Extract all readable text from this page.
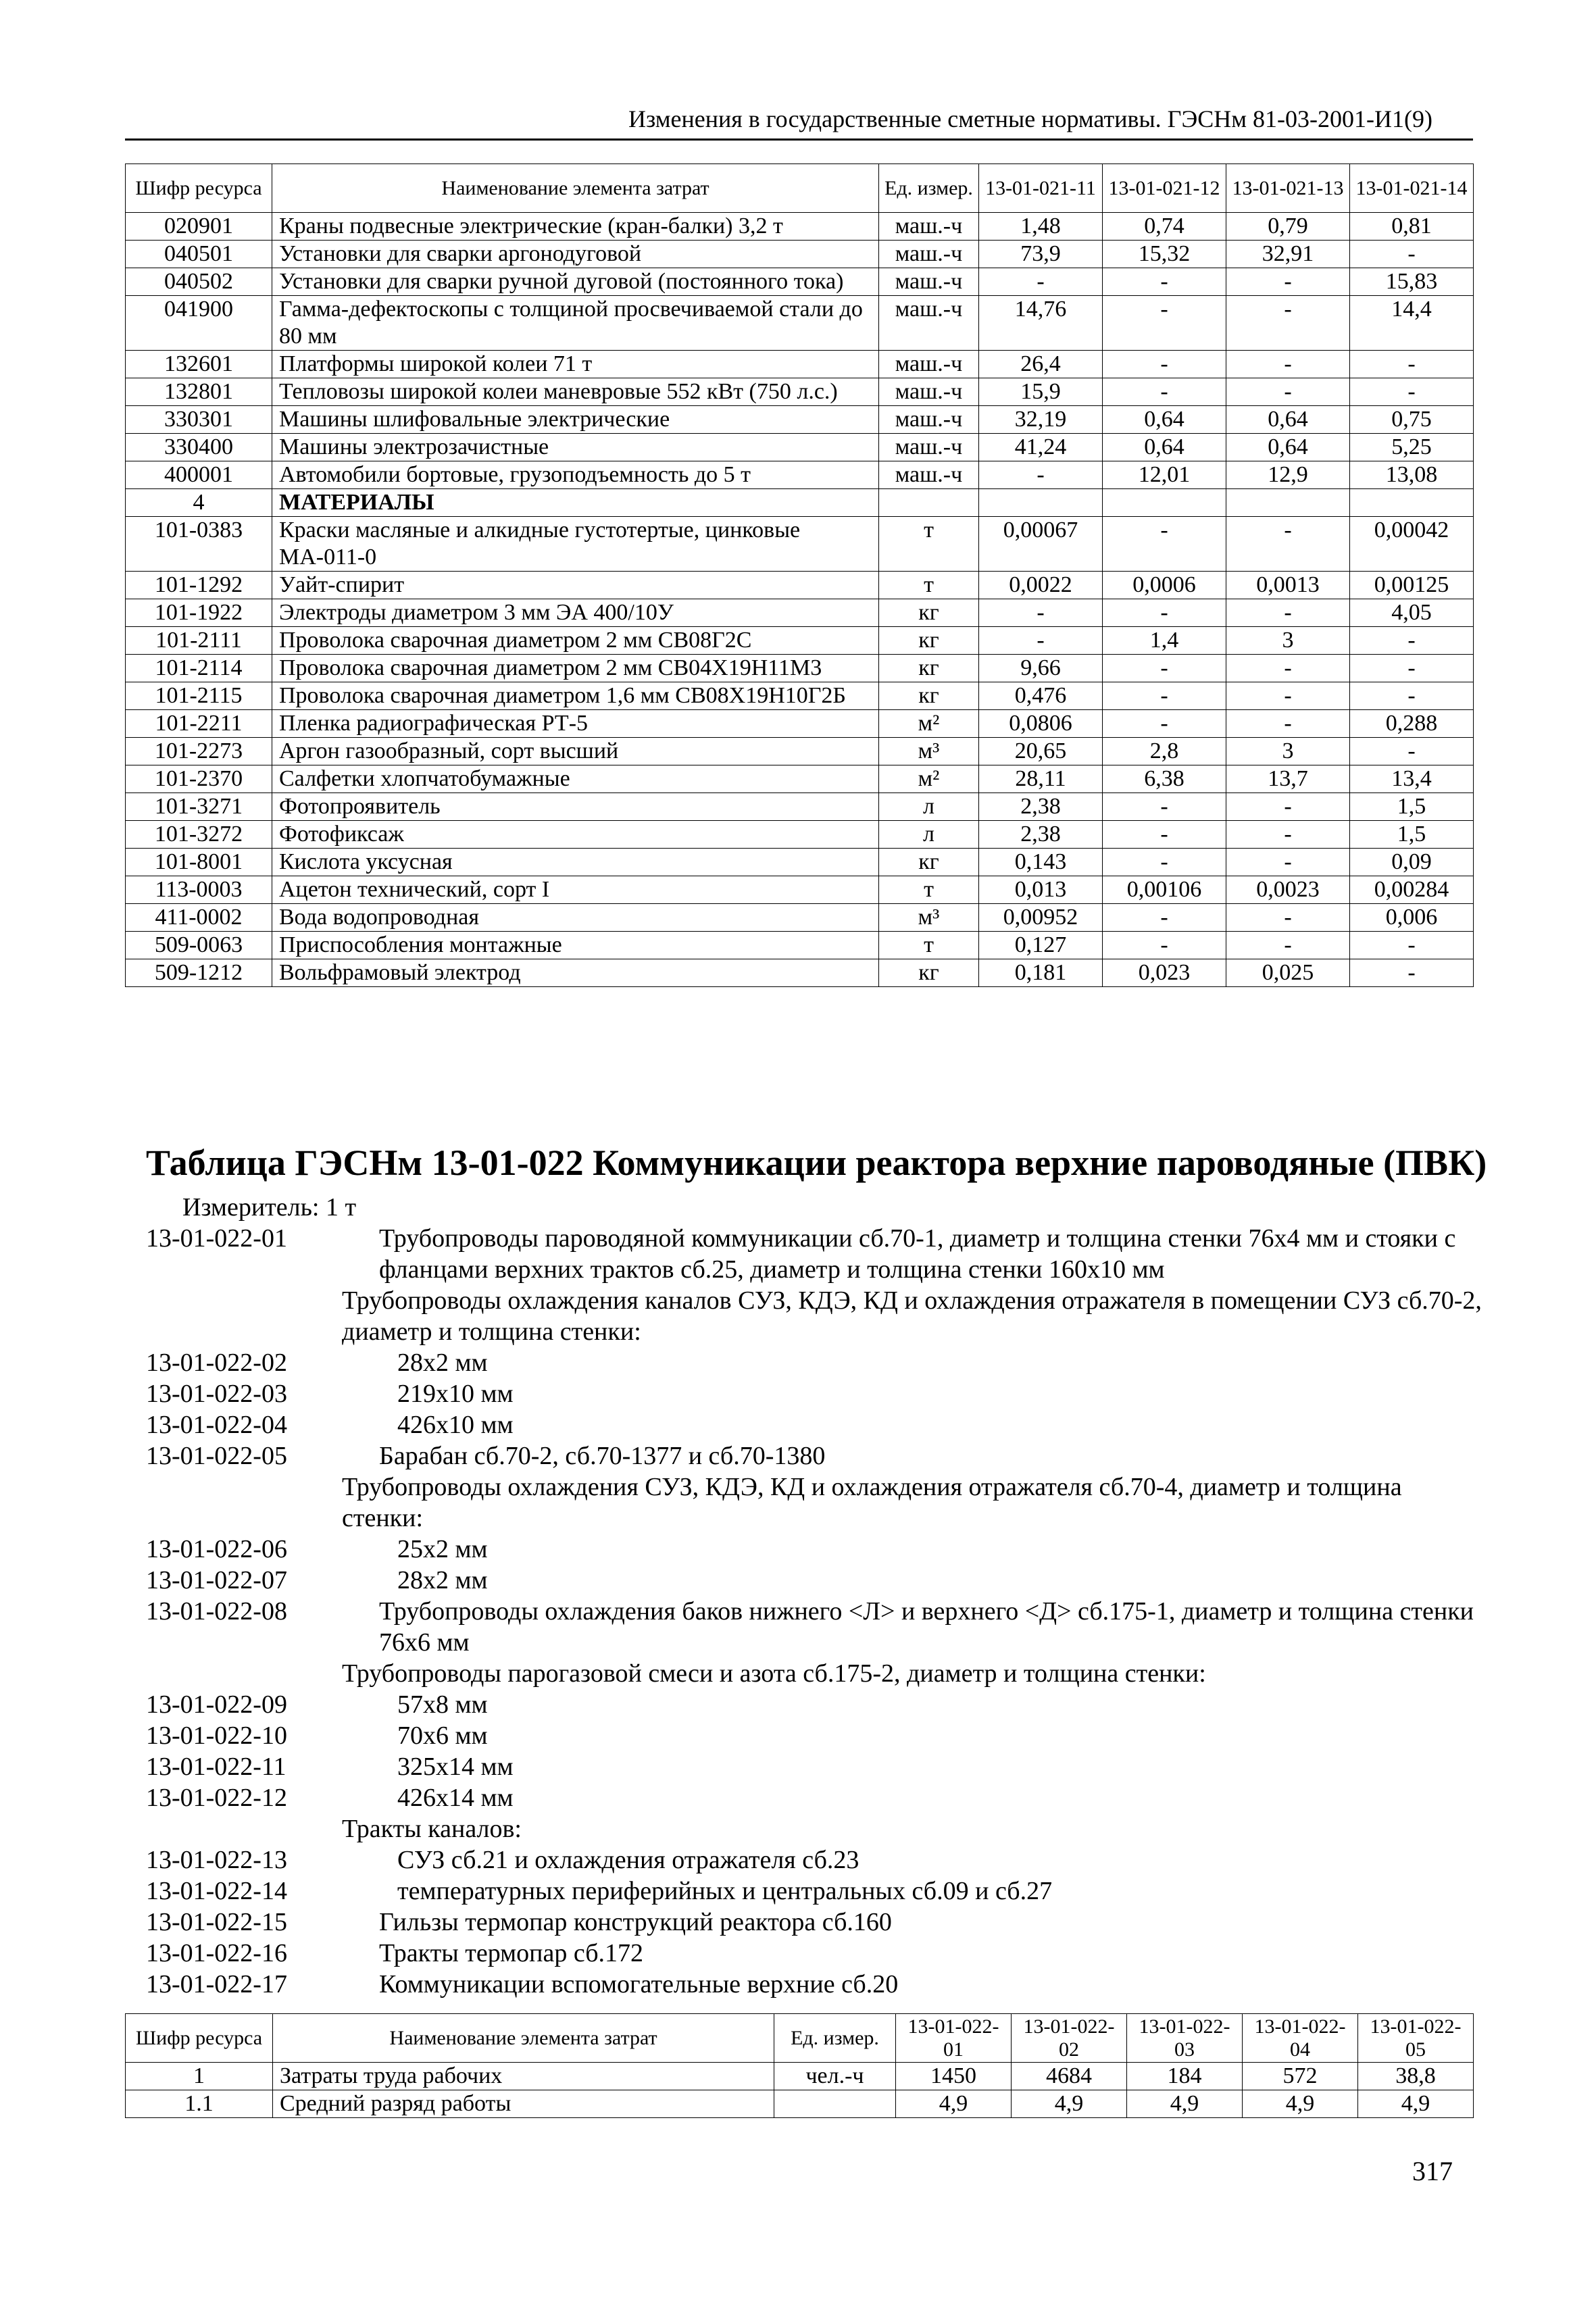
Изменения в государственные сметные нормативы. ГЭСНм 81-03-2001-И1(9)
Шифр ресурса	Наименование элемента затрат	Ед. измер.	13-01-021-11	13-01-021-12	13-01-021-13	13-01-021-14
020901	Краны подвесные электрические (кран-балки) 3,2 т	маш.-ч	1,48	0,74	0,79	0,81
040501	Установки для сварки аргонодуговой	маш.-ч	73,9	15,32	32,91	-
040502	Установки для сварки ручной дуговой (постоянного тока)	маш.-ч	-	-	-	15,83
041900	Гамма-дефектоскопы с толщиной просвечиваемой стали до 80 мм	маш.-ч	14,76	-	-	14,4
132601	Платформы широкой колеи 71 т	маш.-ч	26,4	-	-	-
132801	Тепловозы широкой колеи маневровые 552 кВт (750 л.с.)	маш.-ч	15,9	-	-	-
330301	Машины шлифовальные электрические	маш.-ч	32,19	0,64	0,64	0,75
330400	Машины электрозачистные	маш.-ч	41,24	0,64	0,64	5,25
400001	Автомобили бортовые, грузоподъемность до 5 т	маш.-ч	-	12,01	12,9	13,08
4	МАТЕРИАЛЫ					
101-0383	Краски масляные и алкидные густотертые, цинковые МА-011-0	т	0,00067	-	-	0,00042
101-1292	Уайт-спирит	т	0,0022	0,0006	0,0013	0,00125
101-1922	Электроды диаметром 3 мм ЭА 400/10У	кг	-	-	-	4,05
101-2111	Проволока сварочная диаметром 2 мм СВ08Г2С	кг	-	1,4	3	-
101-2114	Проволока сварочная диаметром 2 мм СВ04Х19Н11М3	кг	9,66	-	-	-
101-2115	Проволока сварочная диаметром 1,6 мм СВ08Х19Н10Г2Б	кг	0,476	-	-	-
101-2211	Пленка радиографическая РТ-5	м²	0,0806	-	-	0,288
101-2273	Аргон газообразный, сорт высший	м³	20,65	2,8	3	-
101-2370	Салфетки хлопчатобумажные	м²	28,11	6,38	13,7	13,4
101-3271	Фотопроявитель	л	2,38	-	-	1,5
101-3272	Фотофиксаж	л	2,38	-	-	1,5
101-8001	Кислота уксусная	кг	0,143	-	-	0,09
113-0003	Ацетон технический, сорт I	т	0,013	0,00106	0,0023	0,00284
411-0002	Вода водопроводная	м³	0,00952	-	-	0,006
509-0063	Приспособления монтажные	т	0,127	-	-	-
509-1212	Вольфрамовый электрод	кг	0,181	0,023	0,025	-
Таблица ГЭСНм 13-01-022 Коммуникации реактора верхние пароводяные (ПВК)
Измеритель: 1 т
13-01-022-01	Трубопроводы пароводяной коммуникации сб.70-1, диаметр и толщина стенки 76х4 мм и стояки с фланцами верхних трактов сб.25, диаметр и толщина стенки 160х10 мм
Трубопроводы охлаждения каналов СУЗ, КДЭ, КД и охлаждения отражателя в помещении СУЗ сб.70-2, диаметр и толщина стенки:
13-01-022-02	28х2 мм
13-01-022-03	219х10 мм
13-01-022-04	426х10 мм
13-01-022-05	Барабан сб.70-2, сб.70-1377 и сб.70-1380
Трубопроводы охлаждения СУЗ, КДЭ, КД и охлаждения отражателя сб.70-4, диаметр и толщина стенки:
13-01-022-06	25х2 мм
13-01-022-07	28х2 мм
13-01-022-08	Трубопроводы охлаждения баков нижнего <Л> и верхнего <Д> сб.175-1, диаметр и толщина стенки 76х6 мм
Трубопроводы парогазовой смеси и азота сб.175-2, диаметр и толщина стенки:
13-01-022-09	57х8 мм
13-01-022-10	70х6 мм
13-01-022-11	325х14 мм
13-01-022-12	426х14 мм
Тракты каналов:
13-01-022-13	СУЗ сб.21 и охлаждения отражателя сб.23
13-01-022-14	температурных периферийных и центральных сб.09 и сб.27
13-01-022-15	Гильзы термопар конструкций реактора сб.160
13-01-022-16	Тракты термопар сб.172
13-01-022-17	Коммуникации вспомогательные верхние сб.20
Шифр ресурса	Наименование элемента затрат	Ед. измер.	13-01-022-01	13-01-022-02	13-01-022-03	13-01-022-04	13-01-022-05
1	Затраты труда рабочих	чел.-ч	1450	4684	184	572	38,8
1.1	Средний разряд работы		4,9	4,9	4,9	4,9	4,9
317
